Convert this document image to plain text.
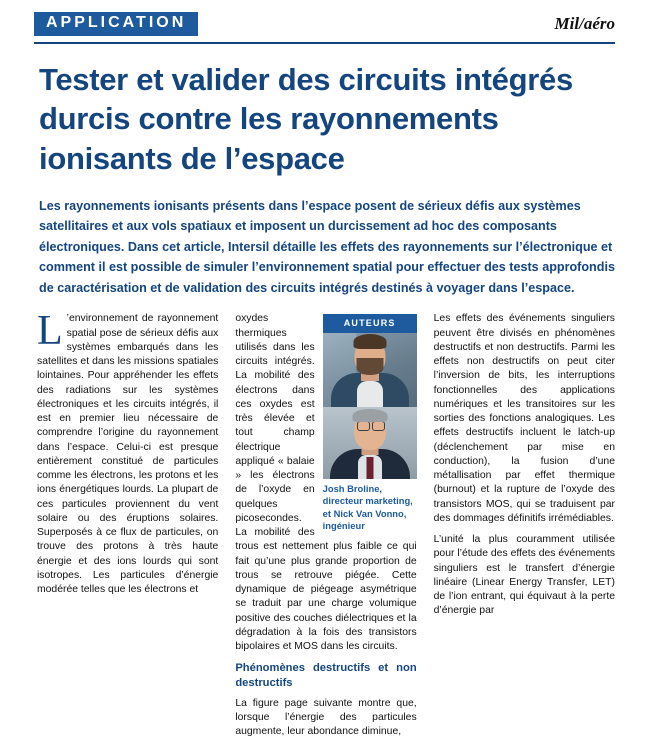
APPLICATION	Mil/aéro
Tester et valider des circuits intégrés
durcis contre les rayonnements
ionisants de l’espace
Les rayonnements ionisants présents dans l’espace posent de sérieux défis aux systèmes satellitaires et aux vols spatiaux et imposent un durcissement ad hoc des composants électroniques. Dans cet article, Intersil détaille les effets des rayonnements sur l’électronique et comment il est possible de simuler l’environnement spatial pour effectuer des tests approfondis de caractérisation et de validation des circuits intégrés destinés à voyager dans l’espace.

L ’environnement de rayonnement spatial pose de sérieux défis aux systèmes embarqués dans les satellites et dans les missions spatiales lointaines. Pour appréhender les effets des radiations sur les systèmes électroniques et les circuits intégrés, il est en premier lieu nécessaire de comprendre l’origine du rayonnement dans l’espace. Celui-ci est presque entièrement constitué de particules comme les électrons, les protons et les ions énergétiques lourds. La plupart de ces particules proviennent du vent solaire ou des éruptions solaires. Superposés à ce flux de particules, on trouve des protons à très haute énergie et des ions lourds qui sont isotropes. Les particules d’énergie modérée telles que les électrons et

AUTEURS
Josh Broline, directeur marketing, et Nick Van Vonno, ingénieur

oxydes thermiques utilisés dans les circuits intégrés. La mobilité des électrons dans ces oxydes est très élevée et tout champ électrique appliqué « balaie » les électrons de l’oxyde en quelques picosecondes. La mobilité des trous est nettement plus faible ce qui fait qu’une plus grande proportion de trous se retrouve piégée. Cette dynamique de piégeage asymétrique se traduit par une charge volumique positive des couches diélectriques et la dégradation à la fois des transistors bipolaires et MOS dans les circuits.

Phénomènes destructifs et non destructifs

La figure page suivante montre que, lorsque l’énergie des particules augmente, leur abondance diminue,

Les effets des événements singuliers peuvent être divisés en phénomènes destructifs et non destructifs. Parmi les effets non destructifs on peut citer l’inversion de bits, les interruptions fonctionnelles des applications numériques et les transitoires sur les sorties des fonctions analogiques. Les effets destructifs incluent le latch-up (déclenchement par mise en conduction), la fusion d’une métallisation par effet thermique (burnout) et la rupture de l’oxyde des transistors MOS, qui se traduisent par des dommages définitifs irrémédiables.

L’unité la plus couramment utilisée pour l’étude des effets des événements singuliers est le transfert d’énergie linéaire (Linear Energy Transfer, LET) de l’ion entrant, qui équivaut à la perte d’énergie par
